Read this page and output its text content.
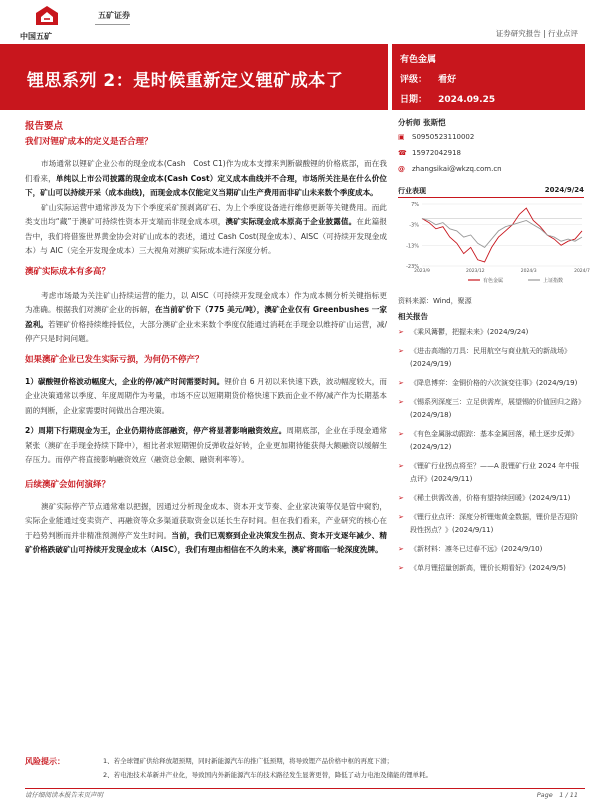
中国五矿
五矿证券
证券研究报告 | 行业点评
锂思系列 2：是时候重新定义锂矿成本了
有色金属
评级： 看好
日期： 2024.09.25
报告要点
我们对锂矿成本的定义是否合理？
市场通常以锂矿企业公布的现金成本(Cash　Cost C1)作为成本支撑来判断碳酸锂的价格底部，而在我们看来，单纯以上市公司披露的现金成本(Cash Cost）定义成本曲线并不合理，市场所关注是在什么价位下，矿山可以持续开采（成本曲线)，而现金成本仅能定义当期矿山生产费用而非矿山未来数个季度成本。
矿山实际运营中通常涉及为下个季度采矿预剥离矿石、为上个季度设备进行维修更新等关键费用。而此类支出均“藏”于澳矿可持续性资本开支端而非现金成本项，澳矿实际现金成本原高于企业披露值。在此篇报告中，我们将借鉴世界黄金协会对矿山成本的表述，通过 Cash Cost(现金成本）、AISC（可持续开发现金成本）与 AIC（完全开发现金成本）三大视角对澳矿实际成本进行深度分析。
澳矿实际成本有多高？
考虑市场最为关注矿山持续运营的能力，以 AISC（可持续开发现金成本）作为成本侧分析关键指标更为准确。根据我们对澳矿企业的拆解，在当前矿价下（775 美元/吨），澳矿企业仅有 Greenbushes 一家盈利。若锂矿价格持续维持低位，大部分澳矿企业未来数个季度仅能通过消耗在手现金以维持矿山运营，减/停产只是时间问题。
如果澳矿企业已发生实际亏损，为何仍不停产？
1）碳酸锂价格波动幅度大，企业的停/减产时间需要时间。锂价自 6 月初以来快速下跌，波动幅度较大，而企业决策通常以季度、年度周期作为考量，市场不应以短期期货价格快速下跌而企业不停/减产作为长期基本面的判断，企业家需要时间做出合理决策。
2）周期下行期现金为王，企业仍期待底部融资，停产将显著影响融资效应。周期底部，企业在手现金通常紧张（澳矿在手现金持续下降中），相比者求短期锂价反弹收益好转，企业更加期待能获得大额融资以缓解生存压力。而停产将直接影响融资效应（融资总金额、融资利率等）。
后续澳矿会如何演绎？
澳矿实际停产节点通常难以把握，因通过分析现金成本、资本开支节奏、企业家决策等仅是管中窥豹，实际企业能通过变卖资产、再融资等众多渠道获取资金以延长生存时间。但在我们看来，产业研究的核心在于趋势判断而并非精准预测停产发生时间。当前，我们已观察到企业决策发生拐点、资本开支逐年减少、精矿价格跌破矿山可持续开发现金成本（AISC），我们有理由相信在不久的未来，澳矿将面临一轮深度洗牌。
风险提示：	1、若全球锂矿供给释放超预期，同时新能源汽车的推广低预期，将导致锂产品价格中枢的再度下滑；
2、若电池技术革新并产业化，导致国内外新能源汽车的技术路径发生显著更替，降低了动力电池及储能的锂单耗。
分析师 张斯恺
▣ S0950523110002
☎ 15972042918
@ zhangsikai@wkzq.com.cn
行业表现	2024/9/24
7%
-3%
-13%
-23%
2023/9	2023/12	2024/3	2024/7
有色金属	上证指数
资料来源：Wind，聚源
相关报告
➢ 《乘风篝鬱，把握未来》(2024/9/24)
➢ 《进击高端的刀具：民用航空与商业航天的新战场》(2024/9/19)
➢ 《降息博弈：金铜价格的六次演变往事》(2024/9/19)
➢ 《锡系列深度三：立足供需库，展望锡的价值回归之路》(2024/9/18)
➢ 《有色金属脉动跟踪：基本金属回落，稀土逐步反弹》(2024/9/12)
➢ 《锂矿行业拐点将至？——A 股锂矿行业 2024 年中报点评》(2024/9/11)
➢ 《稀土供需改善，价格有望持续回暖》(2024/9/11)
➢ 《锂行业点评：深度分析锂炮黄金数据，锂价是否迎阶段性拐点？》(2024/9/11)
➢ 《新材料：凛冬已过春不远》(2024/9/10)
➢ 《单月锂招量创新高，锂价长期看好》(2024/9/5)
请仔细阅读本报告末页声明	Page　1 / 11
